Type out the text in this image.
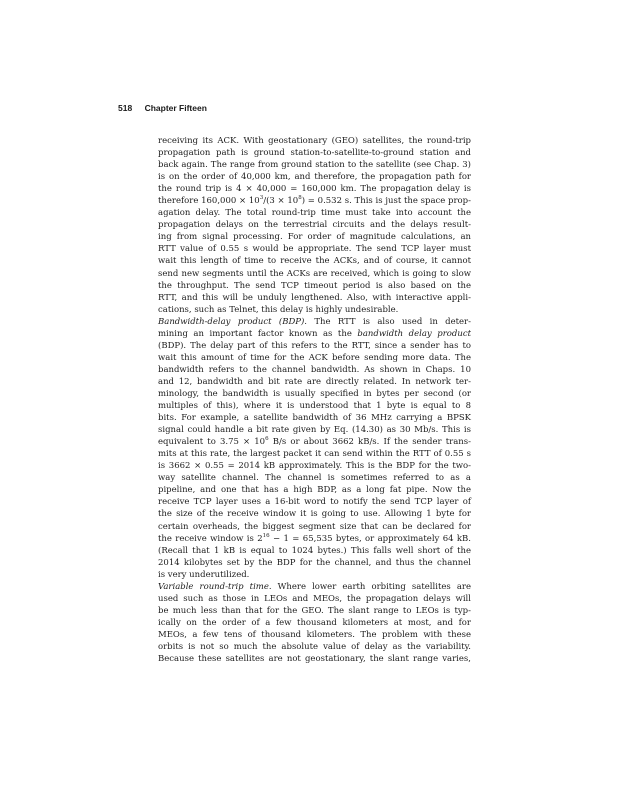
518 Chapter Fifteen
receiving its ACK. With geostationary (GEO) satellites, the round-trip
propagation path is ground station-to-satellite-to-ground station and
back again. The range from ground station to the satellite (see Chap. 3)
is on the order of 40,000 km, and therefore, the propagation path for
the round trip is 4 × 40,000 = 160,000 km. The propagation delay is
therefore $160,000 \times 10^3/(3 \times 10^8) = 0.532$ s. This is just the space prop-
agation delay. The total round-trip time must take into account the
propagation delays on the terrestrial circuits and the delays result-
ing from signal processing. For order of magnitude calculations, an
RTT value of 0.55 s would be appropriate. The send TCP layer must
wait this length of time to receive the ACKs, and of course, it cannot
send new segments until the ACKs are received, which is going to slow
the throughput. The send TCP timeout period is also based on the
RTT, and this will be unduly lengthened. Also, with interactive appli-
cations, such as Telnet, this delay is highly undesirable.
Bandwidth-delay product (BDP). The RTT is also used in deter-
mining an important factor known as the bandwidth delay product
(BDP). The delay part of this refers to the RTT, since a sender has to
wait this amount of time for the ACK before sending more data. The
bandwidth refers to the channel bandwidth. As shown in Chaps. 10
and 12, bandwidth and bit rate are directly related. In network ter-
minology, the bandwidth is usually specified in bytes per second (or
multiples of this), where it is understood that 1 byte is equal to 8
bits. For example, a satellite bandwidth of 36 MHz carrying a BPSK
signal could handle a bit rate given by Eq. (14.30) as 30 Mb/s. This is
equivalent to $3.75 \times 10^6$ B/s or about 3662 kB/s. If the sender trans-
mits at this rate, the largest packet it can send within the RTT of 0.55 s
is 3662 × 0.55 = 2014 kB approximately. This is the BDP for the two-
way satellite channel. The channel is sometimes referred to as a
pipeline, and one that has a high BDP, as a long fat pipe. Now the
receive TCP layer uses a 16-bit word to notify the send TCP layer of
the size of the receive window it is going to use. Allowing 1 byte for
certain overheads, the biggest segment size that can be declared for
the receive window is $2^{16} - 1 = 65,535$ bytes, or approximately 64 kB.
(Recall that 1 kB is equal to 1024 bytes.) This falls well short of the
2014 kilobytes set by the BDP for the channel, and thus the channel
is very underutilized.
Variable round-trip time. Where lower earth orbiting satellites are
used such as those in LEOs and MEOs, the propagation delays will
be much less than that for the GEO. The slant range to LEOs is typ-
ically on the order of a few thousand kilometers at most, and for
MEOs, a few tens of thousand kilometers. The problem with these
orbits is not so much the absolute value of delay as the variability.
Because these satellites are not geostationary, the slant range varies,
